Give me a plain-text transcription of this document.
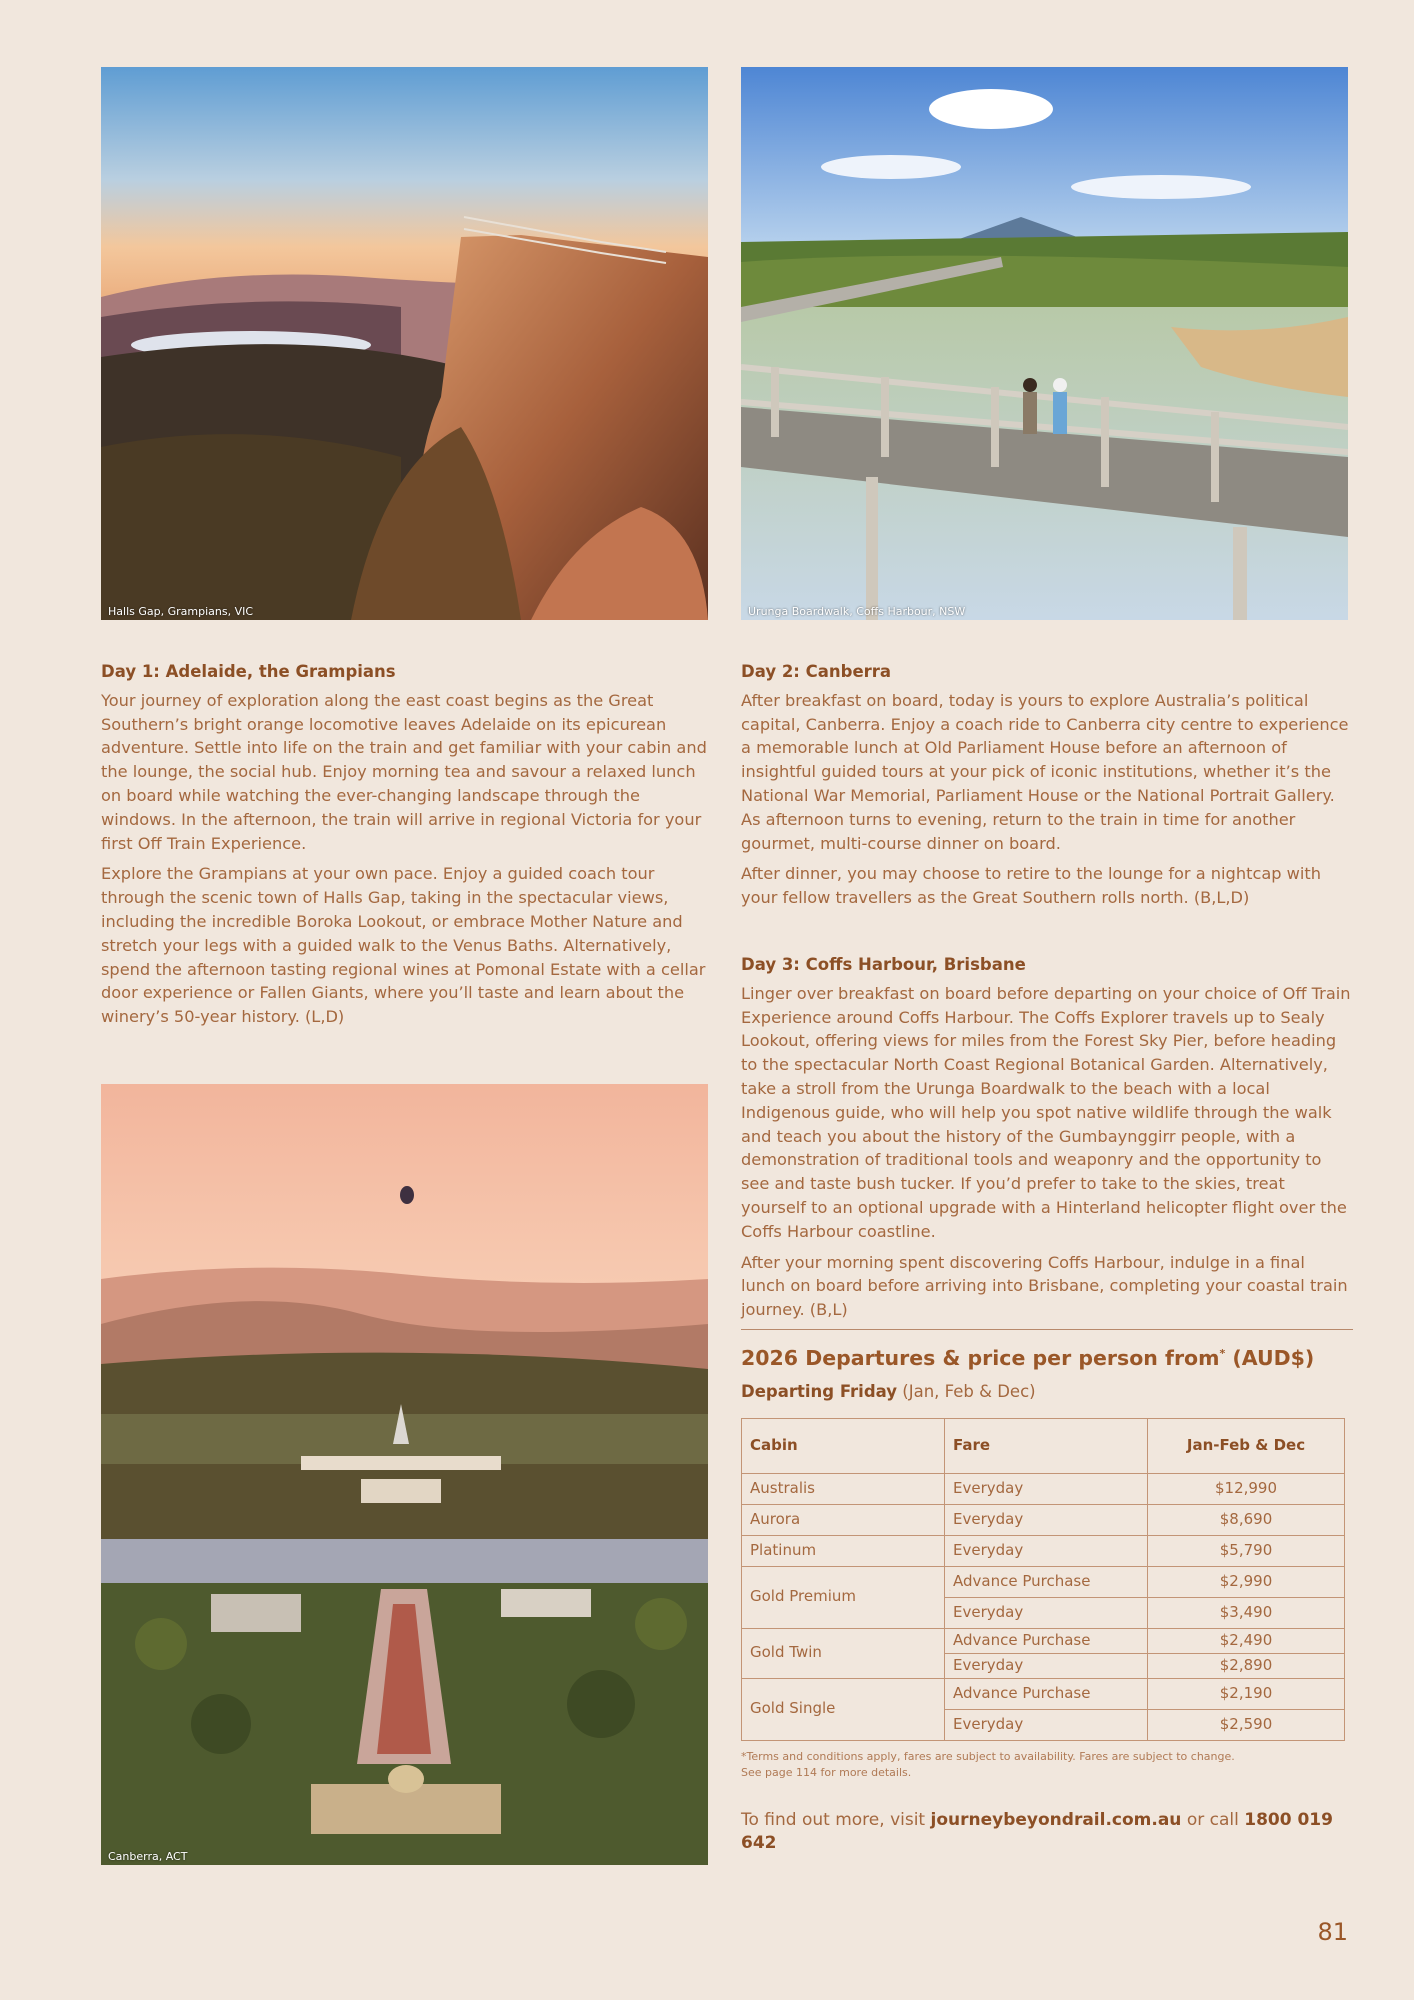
Halls Gap, Grampians, VIC	Urunga Boardwalk, Coffs Harbour, NSW
Canberra, ACT
Day 1: Adelaide, the Grampians

Your journey of exploration along the east coast begins as the Great Southern’s bright orange locomotive leaves Adelaide on its epicurean adventure. Settle into life on the train and get familiar with your cabin and the lounge, the social hub. Enjoy morning tea and savour a relaxed lunch on board while watching the ever-changing landscape through the windows. In the afternoon, the train will arrive in regional Victoria for your first Off Train Experience.

Explore the Grampians at your own pace. Enjoy a guided coach tour through the scenic town of Halls Gap, taking in the spectacular views, including the incredible Boroka Lookout, or embrace Mother Nature and stretch your legs with a guided walk to the Venus Baths. Alternatively, spend the afternoon tasting regional wines at Pomonal Estate with a cellar door experience or Fallen Giants, where you’ll taste and learn about the winery’s 50-year history. (L,D)

Day 2: Canberra

After breakfast on board, today is yours to explore Australia’s political capital, Canberra. Enjoy a coach ride to Canberra city centre to experience a memorable lunch at Old Parliament House before an afternoon of insightful guided tours at your pick of iconic institutions, whether it’s the National War Memorial, Parliament House or the National Portrait Gallery. As afternoon turns to evening, return to the train in time for another gourmet, multi-course dinner on board.

After dinner, you may choose to retire to the lounge for a nightcap with your fellow travellers as the Great Southern rolls north. (B,L,D)

Day 3: Coffs Harbour, Brisbane

Linger over breakfast on board before departing on your choice of Off Train Experience around Coffs Harbour. The Coffs Explorer travels up to Sealy Lookout, offering views for miles from the Forest Sky Pier, before heading to the spectacular North Coast Regional Botanical Garden. Alternatively, take a stroll from the Urunga Boardwalk to the beach with a local Indigenous guide, who will help you spot native wildlife through the walk and teach you about the history of the Gumbaynggirr people, with a demonstration of traditional tools and weaponry and the opportunity to see and taste bush tucker. If you’d prefer to take to the skies, treat yourself to an optional upgrade with a Hinterland helicopter flight over the Coffs Harbour coastline.

After your morning spent discovering Coffs Harbour, indulge in a final lunch on board before arriving into Brisbane, completing your coastal train journey. (B,L)

2026 Departures & price per person from* (AUD$)
Departing Friday (Jan, Feb & Dec)
Cabin	Fare	Jan-Feb & Dec
Australis	Everyday	$12,990
Aurora	Everyday	$8,690
Platinum	Everyday	$5,790
Gold Premium	Advance Purchase	$2,990
	Everyday	$3,490
Gold Twin	Advance Purchase	$2,490
	Everyday	$2,890
Gold Single	Advance Purchase	$2,190
	Everyday	$2,590
*Terms and conditions apply, fares are subject to availability. Fares are subject to change.
See page 114 for more details.
To find out more, visit journeybeyondrail.com.au or call 1800 019 642
81
